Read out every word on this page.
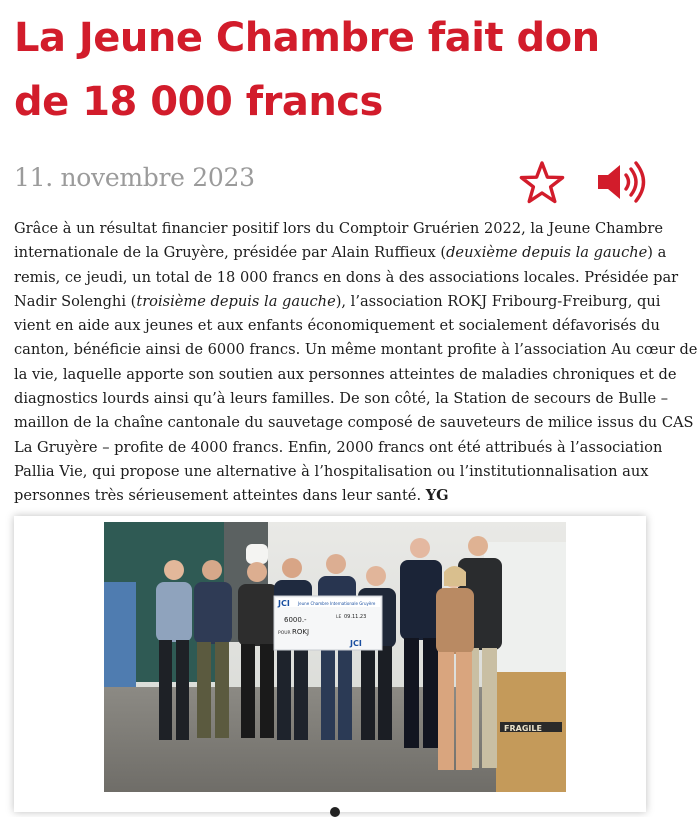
La Jeune Chambre fait don de 18 000 francs
11. novembre 2023

Grâce à un résultat financier positif lors du Comptoir Gruérien 2022, la Jeune Chambre
internationale de la Gruyère, présidée par Alain Ruffieux (deuxième depuis la gauche) a
remis, ce jeudi, un total de 18 000 francs en dons à des associations locales. Présidée par
Nadir Solenghi (troisième depuis la gauche), l’association ROKJ Fribourg-Freiburg, qui
vient en aide aux jeunes et aux enfants économiquement et socialement défavorisés du
canton, bénéficie ainsi de 6000 francs. Un même montant profite à l’association Au cœur de
la vie, laquelle apporte son soutien aux personnes atteintes de maladies chroniques et de
diagnostics lourds ainsi qu’à leurs familles. De son côté, la Station de secours de Bulle –
maillon de la chaîne cantonale du sauvetage composé de sauveteurs de milice issus du CAS
La Gruyère – profite de 4000 francs. Enfin, 2000 francs ont été attribués à l’association
Pallia Vie, qui propose une alternative à l’hospitalisation ou l’institutionnalisation aux
personnes très sérieusement atteintes dans leur santé. YG

FRAGILE
JCI Jeune Chambre Internationale Gruyère
LE 09.11.23
6000.-
POUR ROKJ
JCI
